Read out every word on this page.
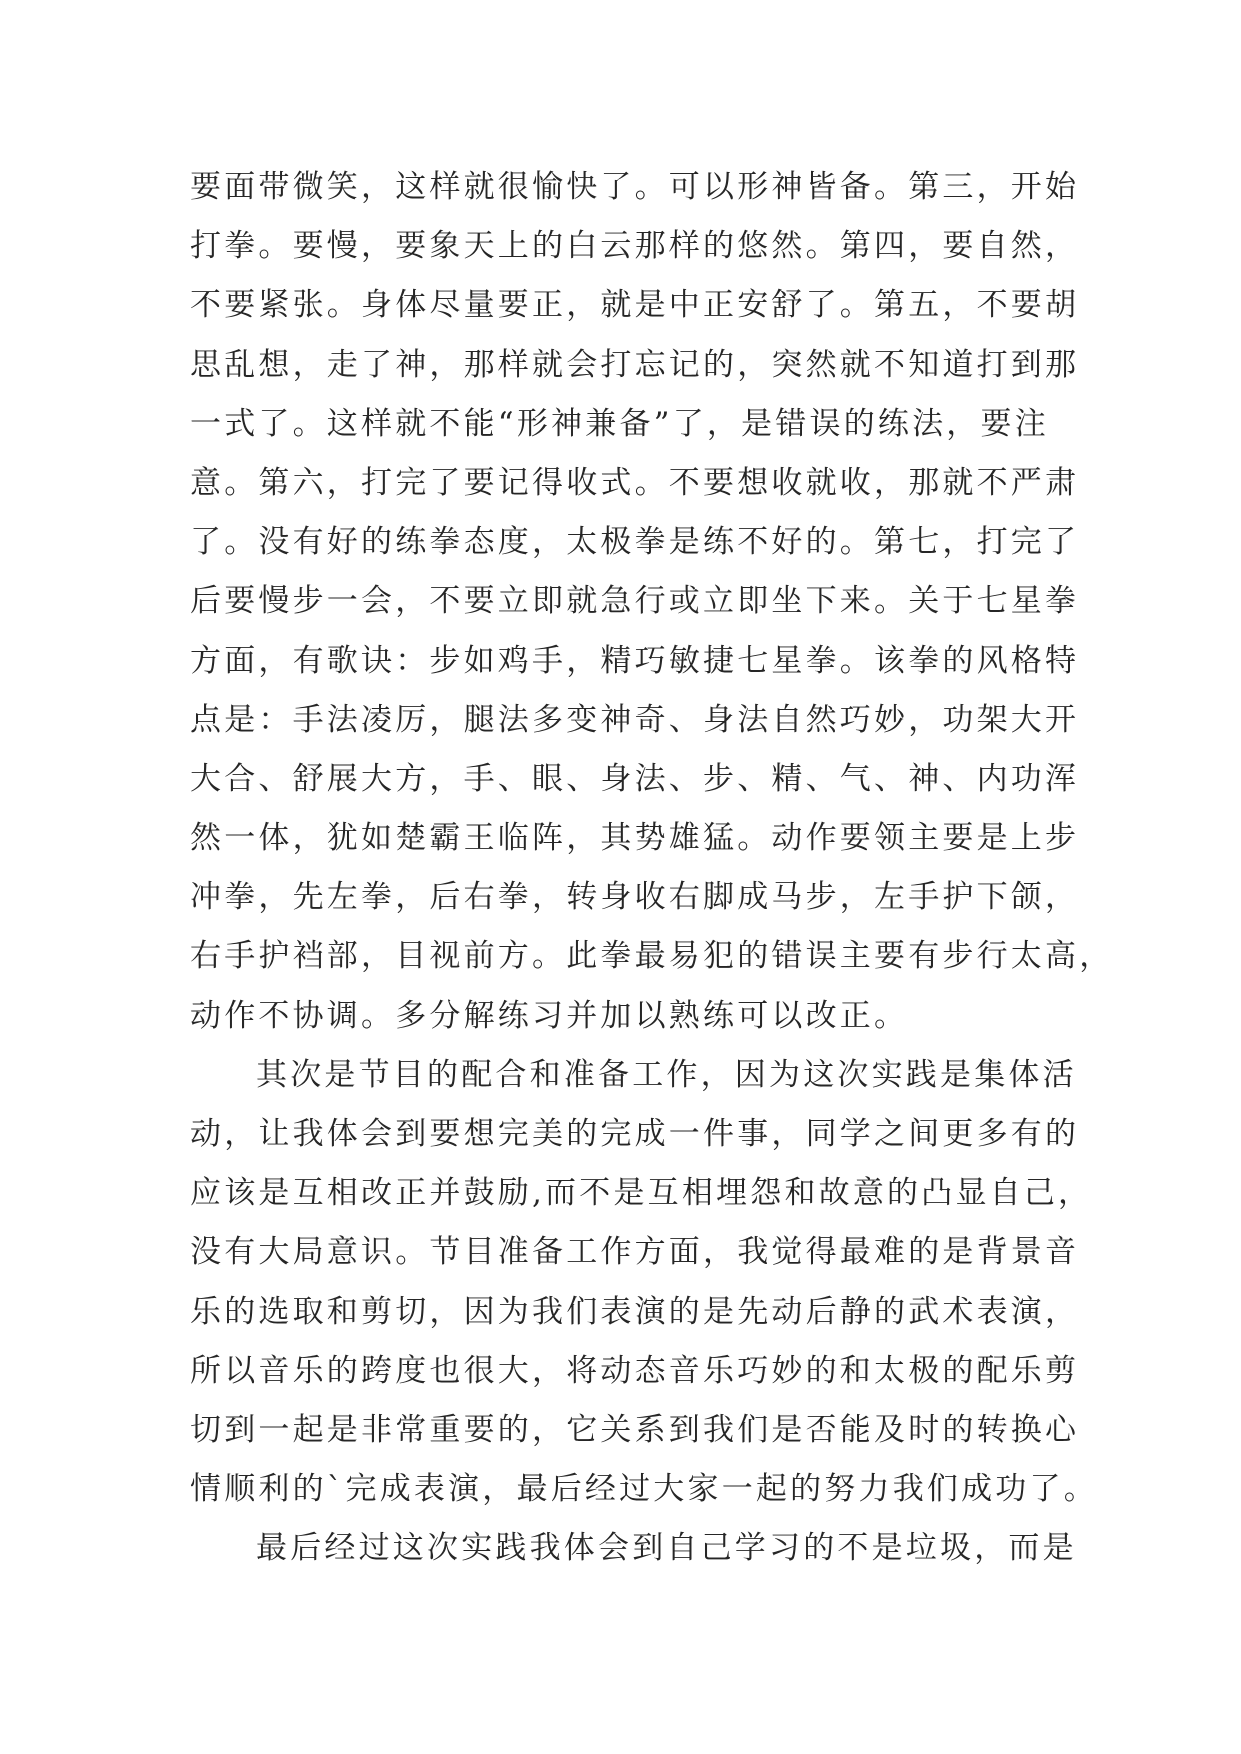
要面带微笑，这样就很愉快了。可以形神皆备。第三，开始
打拳。要慢，要象天上的白云那样的悠然。第四，要自然，
不要紧张。身体尽量要正，就是中正安舒了。第五，不要胡
思乱想，走了神，那样就会打忘记的，突然就不知道打到那
一式了。这样就不能“形神兼备”了，是错误的练法，要注
意。第六，打完了要记得收式。不要想收就收，那就不严肃
了。没有好的练拳态度，太极拳是练不好的。第七，打完了
后要慢步一会，不要立即就急行或立即坐下来。关于七星拳
方面，有歌诀：步如鸡手，精巧敏捷七星拳。该拳的风格特
点是：手法凌厉，腿法多变神奇、身法自然巧妙，功架大开
大合、舒展大方，手、眼、身法、步、精、气、神、内功浑
然一体，犹如楚霸王临阵，其势雄猛。动作要领主要是上步
冲拳，先左拳，后右拳，转身收右脚成马步，左手护下颌，
右手护裆部，目视前方。此拳最易犯的错误主要有步行太高，
动作不协调。多分解练习并加以熟练可以改正。
其次是节目的配合和准备工作，因为这次实践是集体活
动，让我体会到要想完美的完成一件事，同学之间更多有的
应该是互相改正并鼓励,而不是互相埋怨和故意的凸显自己，
没有大局意识。节目准备工作方面，我觉得最难的是背景音
乐的选取和剪切，因为我们表演的是先动后静的武术表演，
所以音乐的跨度也很大，将动态音乐巧妙的和太极的配乐剪
切到一起是非常重要的，它关系到我们是否能及时的转换心
情顺利的`完成表演，最后经过大家一起的努力我们成功了。
最后经过这次实践我体会到自己学习的不是垃圾，而是
